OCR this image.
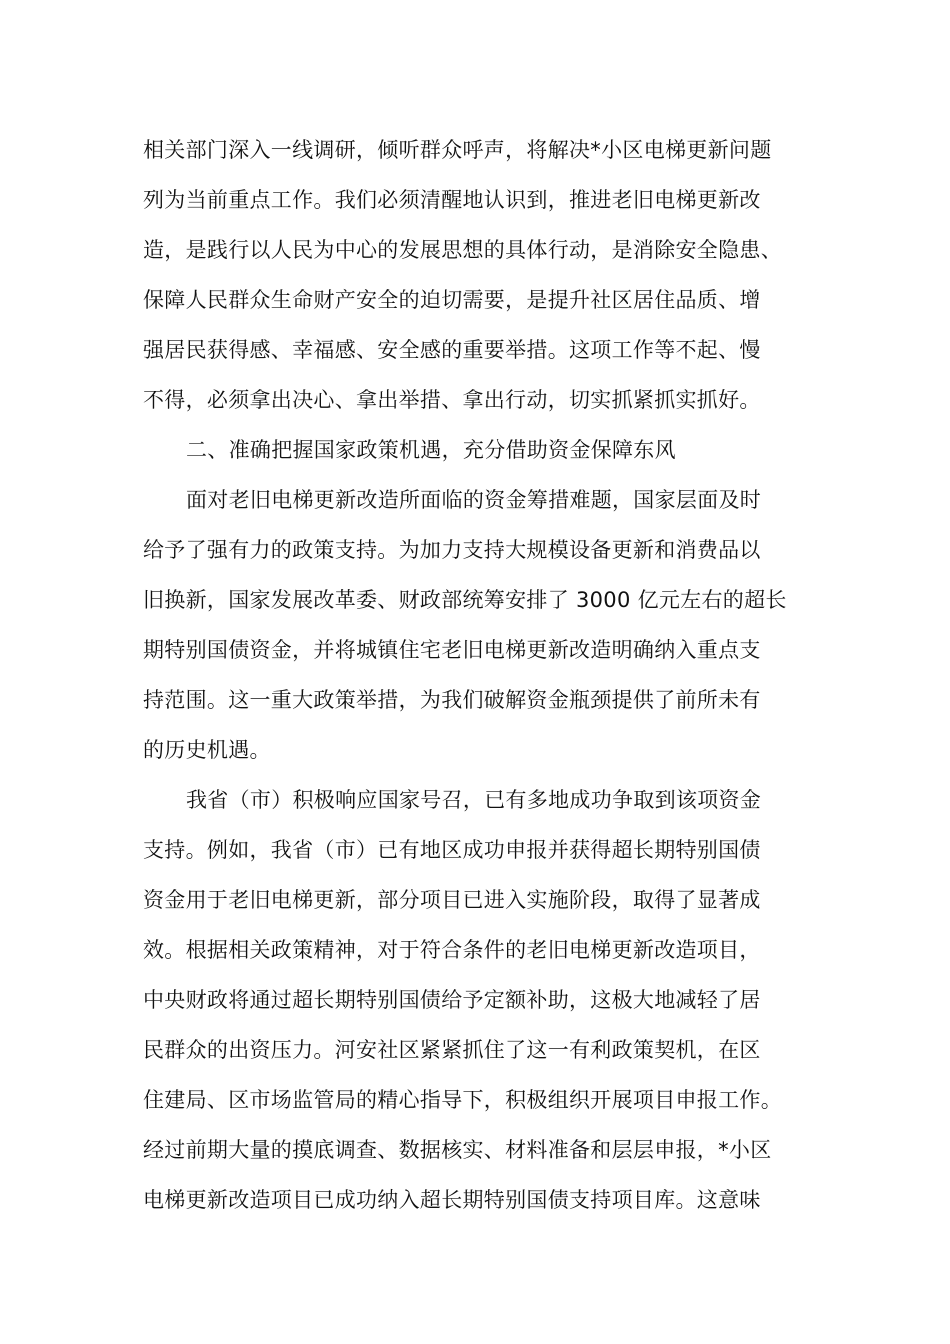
相关部门深入一线调研，倾听群众呼声，将解决*小区电梯更新问题
列为当前重点工作。我们必须清醒地认识到，推进老旧电梯更新改
造，是践行以人民为中心的发展思想的具体行动，是消除安全隐患、
保障人民群众生命财产安全的迫切需要，是提升社区居住品质、增
强居民获得感、幸福感、安全感的重要举措。这项工作等不起、慢
不得，必须拿出决心、拿出举措、拿出行动，切实抓紧抓实抓好。
二、准确把握国家政策机遇，充分借助资金保障东风
面对老旧电梯更新改造所面临的资金筹措难题，国家层面及时
给予了强有力的政策支持。为加力支持大规模设备更新和消费品以
旧换新，国家发展改革委、财政部统筹安排了 3000 亿元左右的超长
期特别国债资金，并将城镇住宅老旧电梯更新改造明确纳入重点支
持范围。这一重大政策举措，为我们破解资金瓶颈提供了前所未有
的历史机遇。
我省（市）积极响应国家号召，已有多地成功争取到该项资金
支持。例如，我省（市）已有地区成功申报并获得超长期特别国债
资金用于老旧电梯更新，部分项目已进入实施阶段，取得了显著成
效。根据相关政策精神，对于符合条件的老旧电梯更新改造项目，
中央财政将通过超长期特别国债给予定额补助，这极大地减轻了居
民群众的出资压力。河安社区紧紧抓住了这一有利政策契机，在区
住建局、区市场监管局的精心指导下，积极组织开展项目申报工作。
经过前期大量的摸底调查、数据核实、材料准备和层层申报，*小区
电梯更新改造项目已成功纳入超长期特别国债支持项目库。这意味
